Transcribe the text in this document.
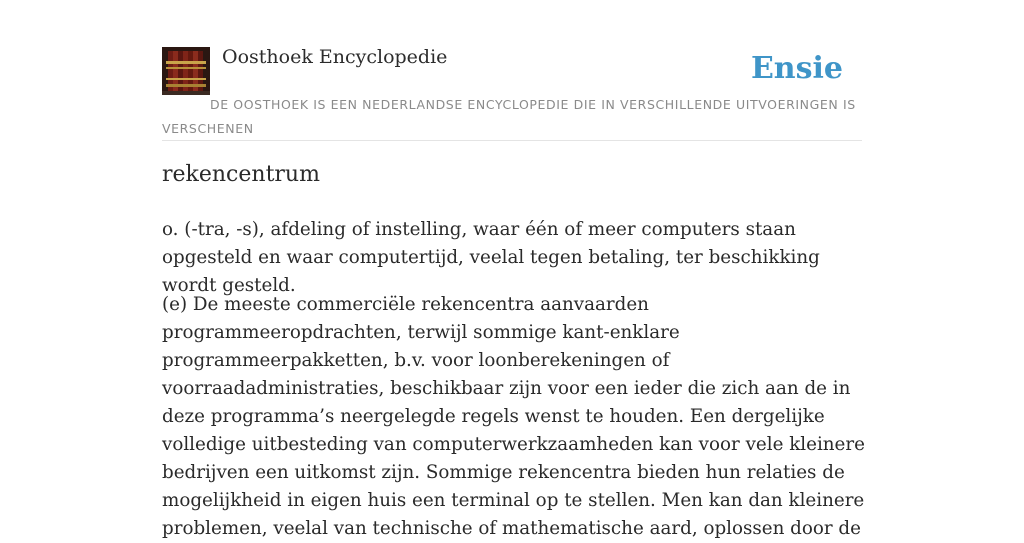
Oosthoek Encyclopedie	Ensie
DE OOSTHOEK IS EEN NEDERLANDSE ENCYCLOPEDIE DIE IN VERSCHILLENDE UITVOERINGEN IS VERSCHENEN
rekencentrum

o. (-tra, -s), afdeling of instelling, waar één of meer computers staan opgesteld en waar computertijd, veelal tegen betaling, ter beschikking wordt gesteld.

(e) De meeste commerciële rekencentra aanvaarden programmeeropdrachten, terwijl sommige kant-enklare programmeerpakketten, b.v. voor loonberekeningen of voorraadadministraties, beschikbaar zijn voor een ieder die zich aan de in deze programma’s neergelegde regels wenst te houden. Een dergelijke volledige uitbesteding van computerwerkzaamheden kan voor vele kleinere bedrijven een uitkomst zijn. Sommige rekencentra bieden hun relaties de mogelijkheid in eigen huis een terminal op te stellen. Men kan dan kleinere problemen, veelal van technische of mathematische aard, oplossen door de
